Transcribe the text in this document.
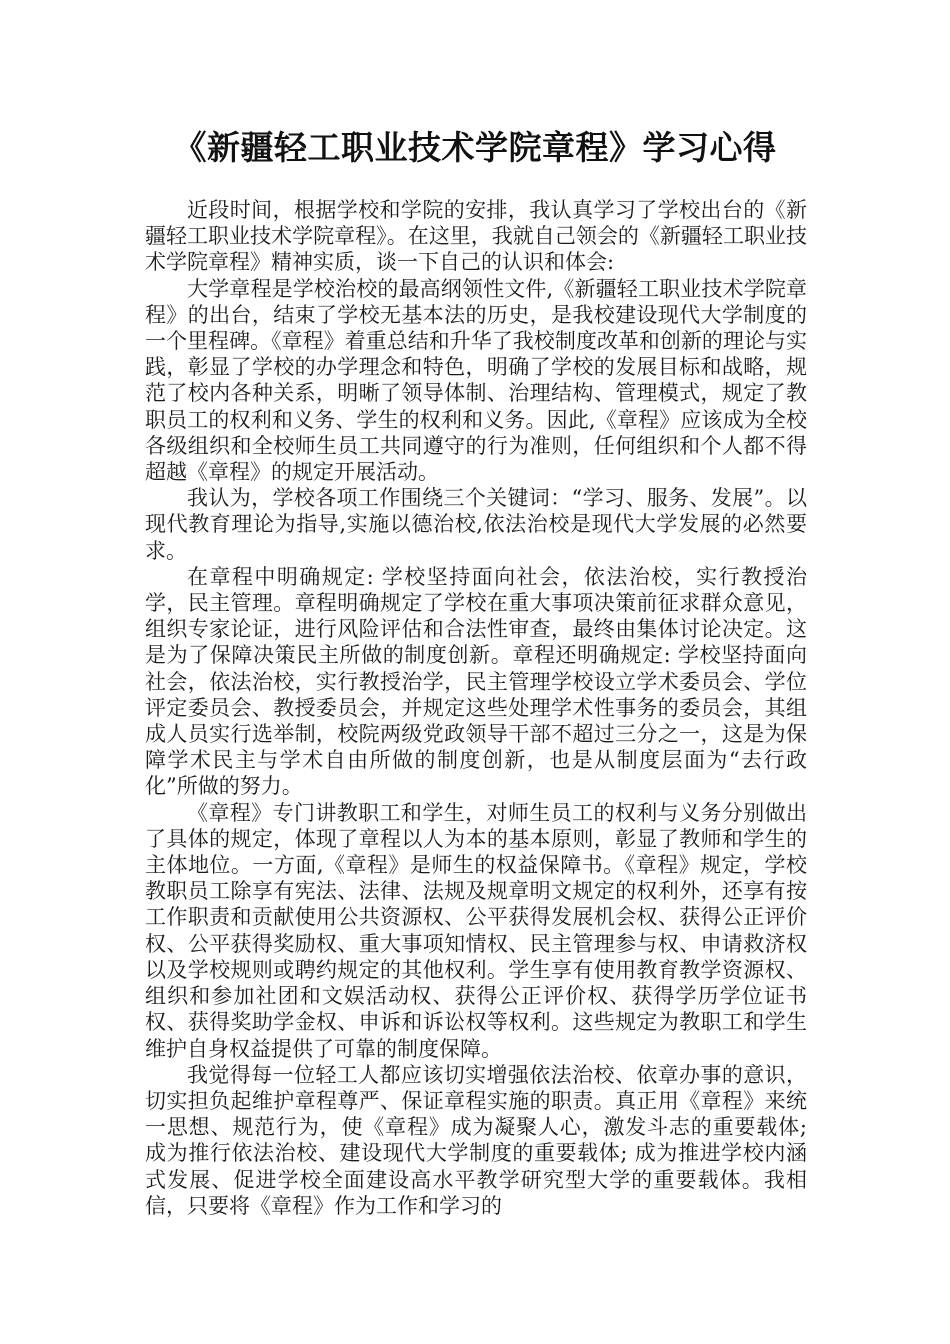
《新疆轻工职业技术学院章程》学习心得

近段时间，根据学校和学院的安排，我认真学习了学校出台的《新疆轻工职业技术学院章程》。在这里，我就自己领会的《新疆轻工职业技术学院章程》精神实质，谈一下自己的认识和体会:

大学章程是学校治校的最高纲领性文件,《新疆轻工职业技术学院章程》的出台，结束了学校无基本法的历史，是我校建设现代大学制度的一个里程碑。《章程》着重总结和升华了我校制度改革和创新的理论与实践，彰显了学校的办学理念和特色，明确了学校的发展目标和战略，规范了校内各种关系，明晰了领导体制、治理结构、管理模式，规定了教职员工的权利和义务、学生的权利和义务。因此,《章程》应该成为全校各级组织和全校师生员工共同遵守的行为准则，任何组织和个人都不得超越《章程》的规定开展活动。

我认为，学校各项工作围绕三个关键词：“学习、服务、发展”。以现代教育理论为指导,实施以德治校,依法治校是现代大学发展的必然要求。

在章程中明确规定: 学校坚持面向社会，依法治校，实行教授治学，民主管理。章程明确规定了学校在重大事项决策前征求群众意见，组织专家论证，进行风险评估和合法性审查，最终由集体讨论决定。这是为了保障决策民主所做的制度创新。章程还明确规定: 学校坚持面向社会，依法治校，实行教授治学，民主管理学校设立学术委员会、学位评定委员会、教授委员会，并规定这些处理学术性事务的委员会，其组成人员实行选举制，校院两级党政领导干部不超过三分之一，这是为保障学术民主与学术自由所做的制度创新，也是从制度层面为“去行政化”所做的努力。

《章程》专门讲教职工和学生，对师生员工的权利与义务分别做出了具体的规定，体现了章程以人为本的基本原则，彰显了教师和学生的主体地位。一方面,《章程》是师生的权益保障书。《章程》规定，学校教职员工除享有宪法、法律、法规及规章明文规定的权利外，还享有按工作职责和贡献使用公共资源权、公平获得发展机会权、获得公正评价权、公平获得奖励权、重大事项知情权、民主管理参与权、申请救济权以及学校规则或聘约规定的其他权利。学生享有使用教育教学资源权、组织和参加社团和文娱活动权、获得公正评价权、获得学历学位证书权、获得奖助学金权、申诉和诉讼权等权利。这些规定为教职工和学生维护自身权益提供了可靠的制度保障。

我觉得每一位轻工人都应该切实增强依法治校、依章办事的意识，切实担负起维护章程尊严、保证章程实施的职责。真正用《章程》来统一思想、规范行为，使《章程》成为凝聚人心，激发斗志的重要载体; 成为推行依法治校、建设现代大学制度的重要载体; 成为推进学校内涵式发展、促进学校全面建设高水平教学研究型大学的重要载体。我相信，只要将《章程》作为工作和学习的
